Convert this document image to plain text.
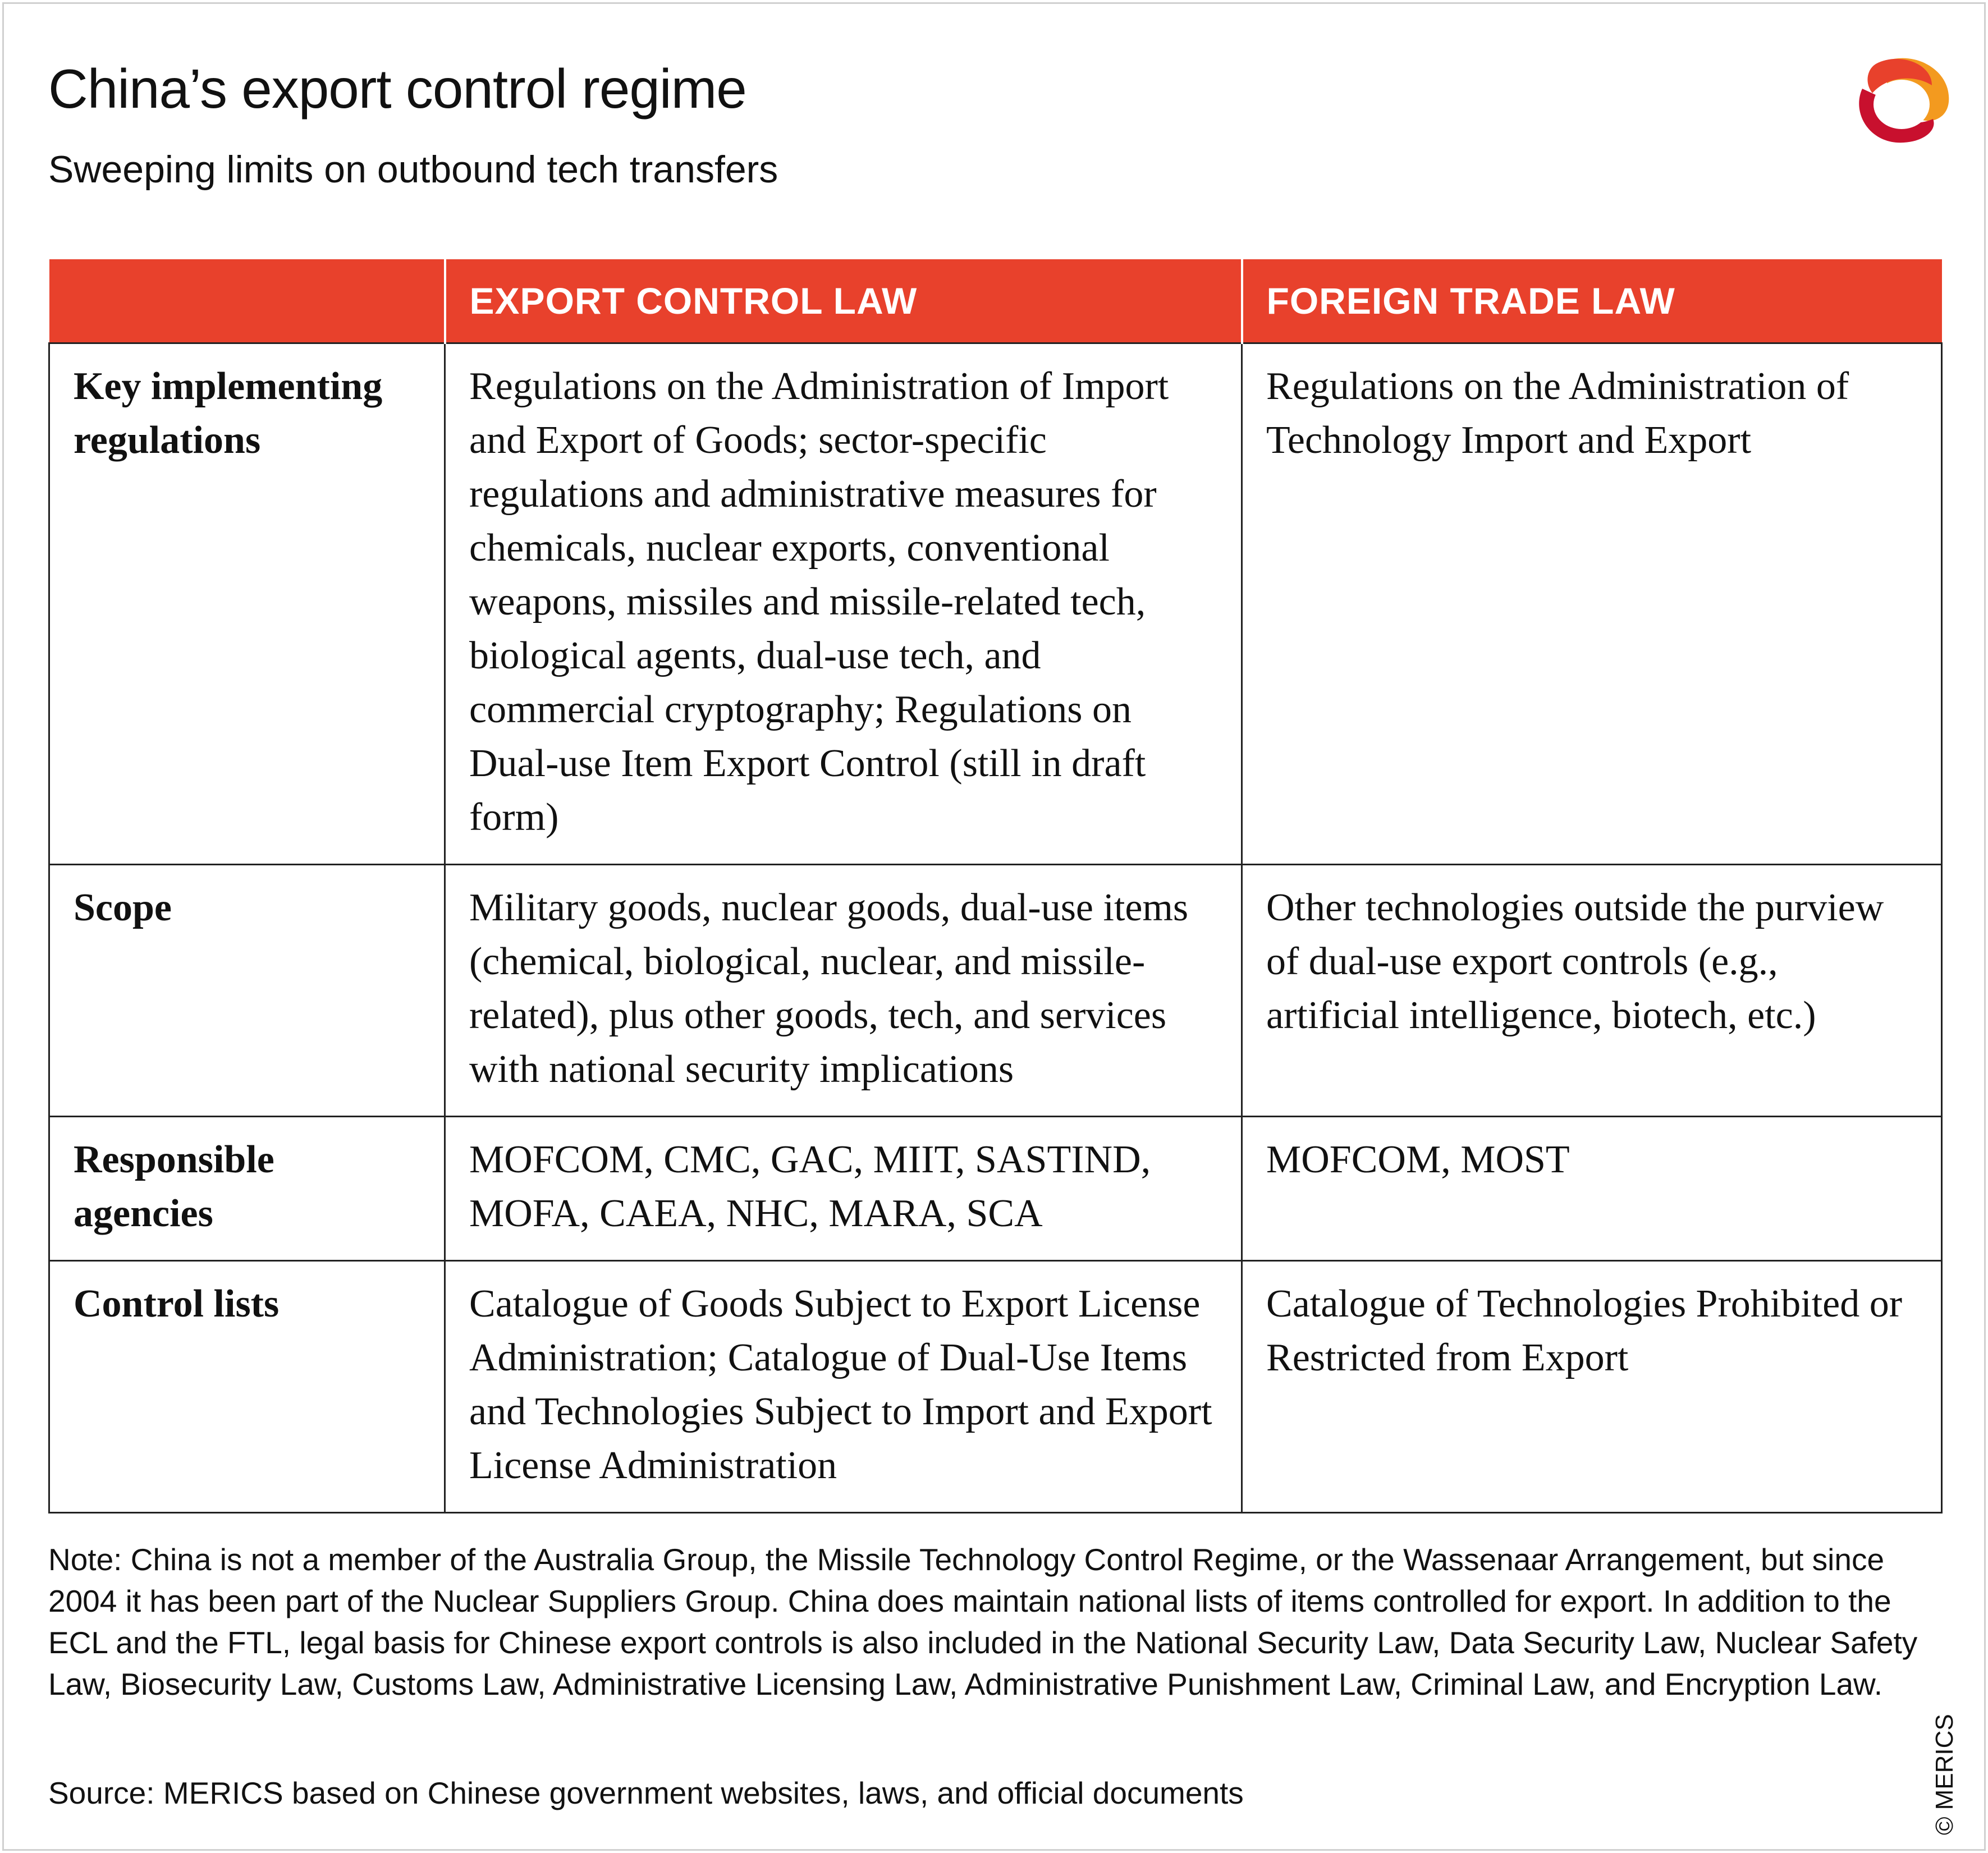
China’s export control regime
Sweeping limits on outbound tech transfers
	EXPORT CONTROL LAW	FOREIGN TRADE LAW
Key implementing regulations	Regulations on the Administration of Import and Export of Goods; sector-specific regulations and administrative measures for chemicals, nuclear exports, conventional weapons, missiles and missile-related tech, biological agents, dual-use tech, and commercial cryptography; Regulations on Dual-use Item Export Control (still in draft form)	Regulations on the Administration of Technology Import and Export
Scope	Military goods, nuclear goods, dual-use items (chemical, biological, nuclear, and missile-related), plus other goods, tech, and services with national security implications	Other technologies outside the purview of dual-use export controls (e.g., artificial intelligence, biotech, etc.)
Responsible agencies	MOFCOM, CMC, GAC, MIIT, SASTIND, MOFA, CAEA, NHC, MARA, SCA	MOFCOM, MOST
Control lists	Catalogue of Goods Subject to Export License Administration; Catalogue of Dual-Use Items and Technologies Subject to Import and Export License Administration	Catalogue of Technologies Prohibited or Restricted from Export
Note: China is not a member of the Australia Group, the Missile Technology Control Regime, or the Wassenaar Arrangement, but since 2004 it has been part of the Nuclear Suppliers Group. China does maintain national lists of items controlled for export. In addition to the ECL and the FTL, legal basis for Chinese export controls is also included in the National Security Law, Data Security Law, Nuclear Safety Law, Biosecurity Law, Customs Law, Administrative Licensing Law, Administrative Punishment Law, Criminal Law, and Encryption Law.
Source: MERICS based on Chinese government websites, laws, and official documents	© MERICS
